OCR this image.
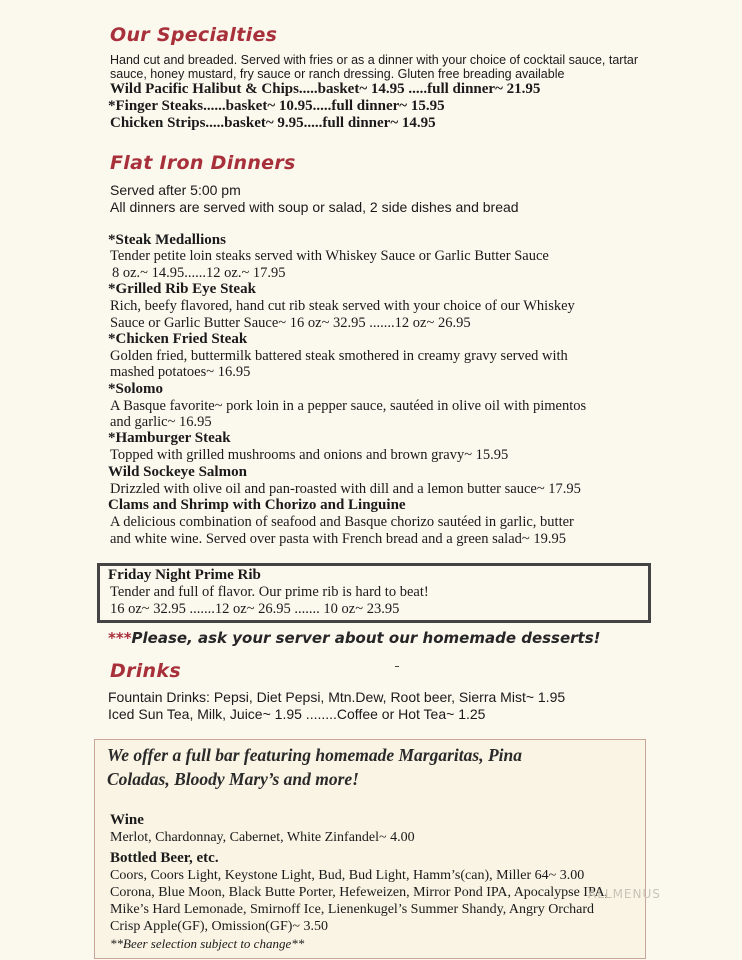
Our Specialties
Hand cut and breaded. Served with fries or as a dinner with your choice of cocktail sauce, tartar
sauce, honey mustard, fry sauce or ranch dressing. Gluten free breading available
Wild Pacific Halibut & Chips.....basket~ 14.95 .....full dinner~ 21.95
*Finger Steaks......basket~ 10.95.....full dinner~ 15.95
Chicken Strips.....basket~ 9.95.....full dinner~ 14.95
Flat Iron Dinners
Served after 5:00 pm
All dinners are served with soup or salad, 2 side dishes and bread
*Steak Medallions
Tender petite loin steaks served with Whiskey Sauce or Garlic Butter Sauce
8 oz.~ 14.95......12 oz.~ 17.95
*Grilled Rib Eye Steak
Rich, beefy flavored, hand cut rib steak served with your choice of our Whiskey
Sauce or Garlic Butter Sauce~ 16 oz~ 32.95 .......12 oz~ 26.95
*Chicken Fried Steak
Golden fried, buttermilk battered steak smothered in creamy gravy served with
mashed potatoes~ 16.95
*Solomo
A Basque favorite~ pork loin in a pepper sauce, sautéed in olive oil with pimentos
and garlic~ 16.95
*Hamburger Steak
Topped with grilled mushrooms and onions and brown gravy~ 15.95
Wild Sockeye Salmon
Drizzled with olive oil and pan-roasted with dill and a lemon butter sauce~ 17.95
Clams and Shrimp with Chorizo and Linguine
A delicious combination of seafood and Basque chorizo sautéed in garlic, butter
and white wine. Served over pasta with French bread and a green salad~ 19.95
Friday Night Prime Rib
Tender and full of flavor. Our prime rib is hard to beat!
16 oz~ 32.95 .......12 oz~ 26.95 ....... 10 oz~ 23.95
***Please, ask your server about our homemade desserts!
Drinks
Fountain Drinks: Pepsi, Diet Pepsi, Mtn.Dew, Root beer, Sierra Mist~ 1.95
Iced Sun Tea, Milk, Juice~ 1.95 ........Coffee or Hot Tea~ 1.25
We offer a full bar featuring homemade Margaritas, Pina
Coladas, Bloody Mary’s and more!
Wine
Merlot, Chardonnay, Cabernet, White Zinfandel~ 4.00
Bottled Beer, etc.
Coors, Coors Light, Keystone Light, Bud, Bud Light, Hamm’s(can), Miller 64~ 3.00
Corona, Blue Moon, Black Butte Porter, Hefeweizen, Mirror Pond IPA, Apocalypse IPA,
Mike’s Hard Lemonade, Smirnoff Ice, Lienenkugel’s Summer Shandy, Angry Orchard
Crisp Apple(GF), Omission(GF)~ 3.50
**Beer selection subject to change**
ALLMENUS
